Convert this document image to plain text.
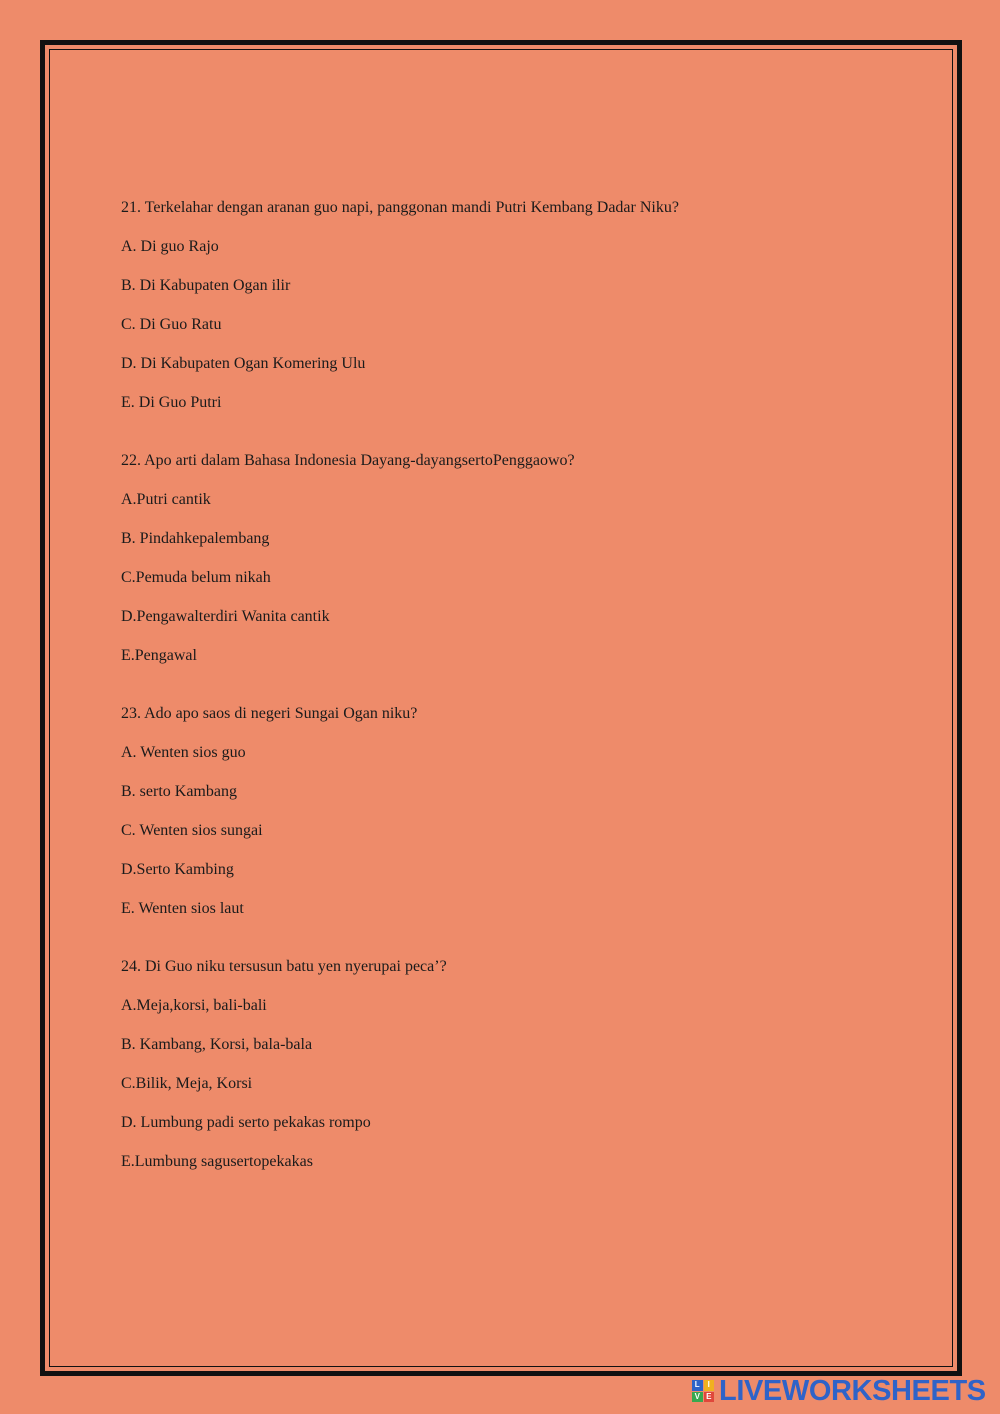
21. Terkelahar dengan aranan guo napi, panggonan mandi Putri Kembang Dadar Niku?
A. Di guo Rajo
B. Di Kabupaten Ogan ilir
C. Di Guo Ratu
D. Di Kabupaten Ogan Komering Ulu
E. Di Guo Putri
22. Apo arti dalam Bahasa Indonesia Dayang-dayangsertoPenggaowo?
A.Putri cantik
B. Pindahkepalembang
C.Pemuda belum nikah
D.Pengawalterdiri Wanita cantik
E.Pengawal
23. Ado apo saos di negeri Sungai Ogan niku?
A. Wenten sios guo
B. serto Kambang
C. Wenten sios sungai
D.Serto Kambing
E. Wenten sios laut
24. Di Guo niku tersusun batu yen nyerupai peca’?
A.Meja,korsi, bali-bali
B. Kambang, Korsi, bala-bala
C.Bilik, Meja, Korsi
D. Lumbung padi serto pekakas rompo
E.Lumbung sagusertopekakas
L I
V E LIVEWORKSHEETS
